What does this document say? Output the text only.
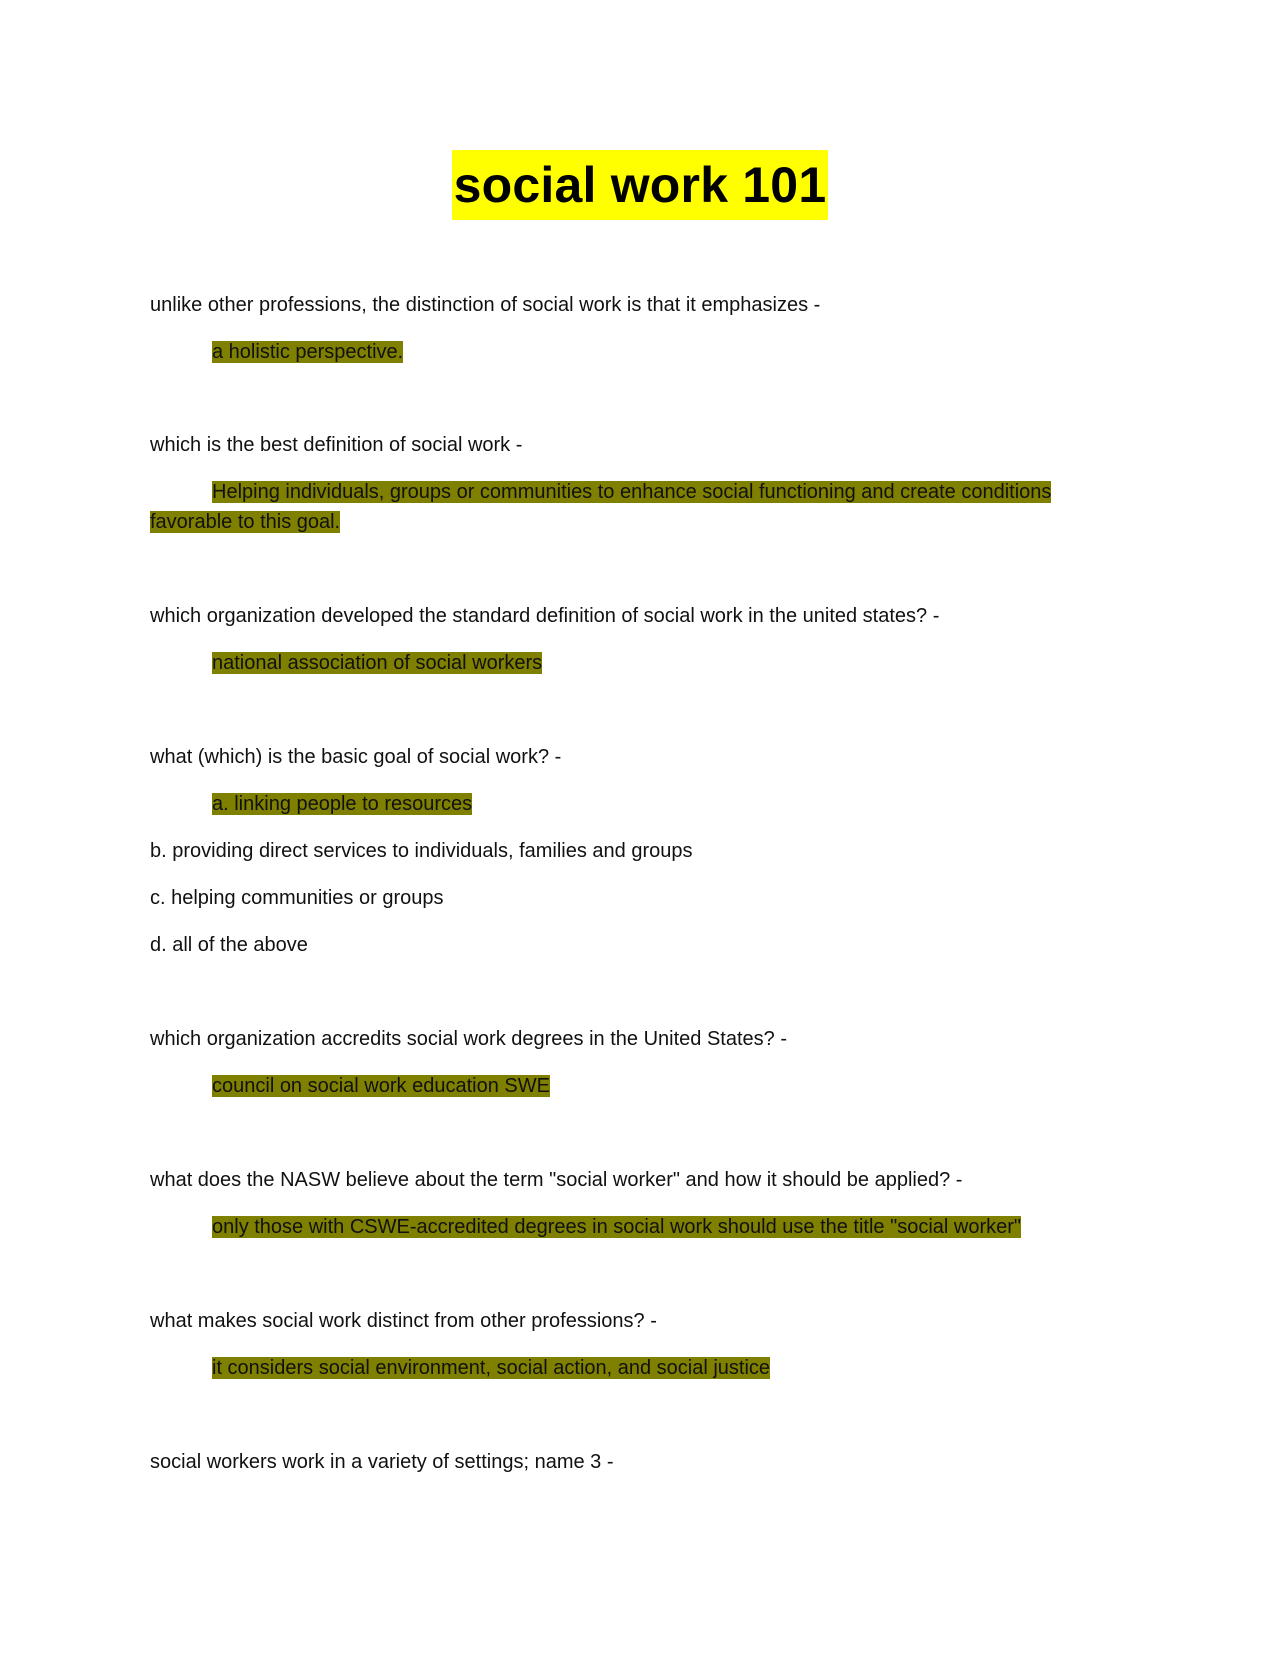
social work 101
unlike other professions, the distinction of social work is that it emphasizes -
a holistic perspective.
which is the best definition of social work -
Helping individuals, groups or communities to enhance social functioning and create conditions favorable to this goal.
which organization developed the standard definition of social work in the united states? -
national association of social workers
what (which) is the basic goal of social work? -
a. linking people to resources
b. providing direct services to individuals, families and groups
c. helping communities or groups
d. all of the above
which organization accredits social work degrees in the United States? -
council on social work education SWE
what does the NASW believe about the term "social worker" and how it should be applied? -
only those with CSWE-accredited degrees in social work should use the title "social worker"
what makes social work distinct from other professions? -
it considers social environment, social action, and social justice
social workers work in a variety of settings; name 3 -
